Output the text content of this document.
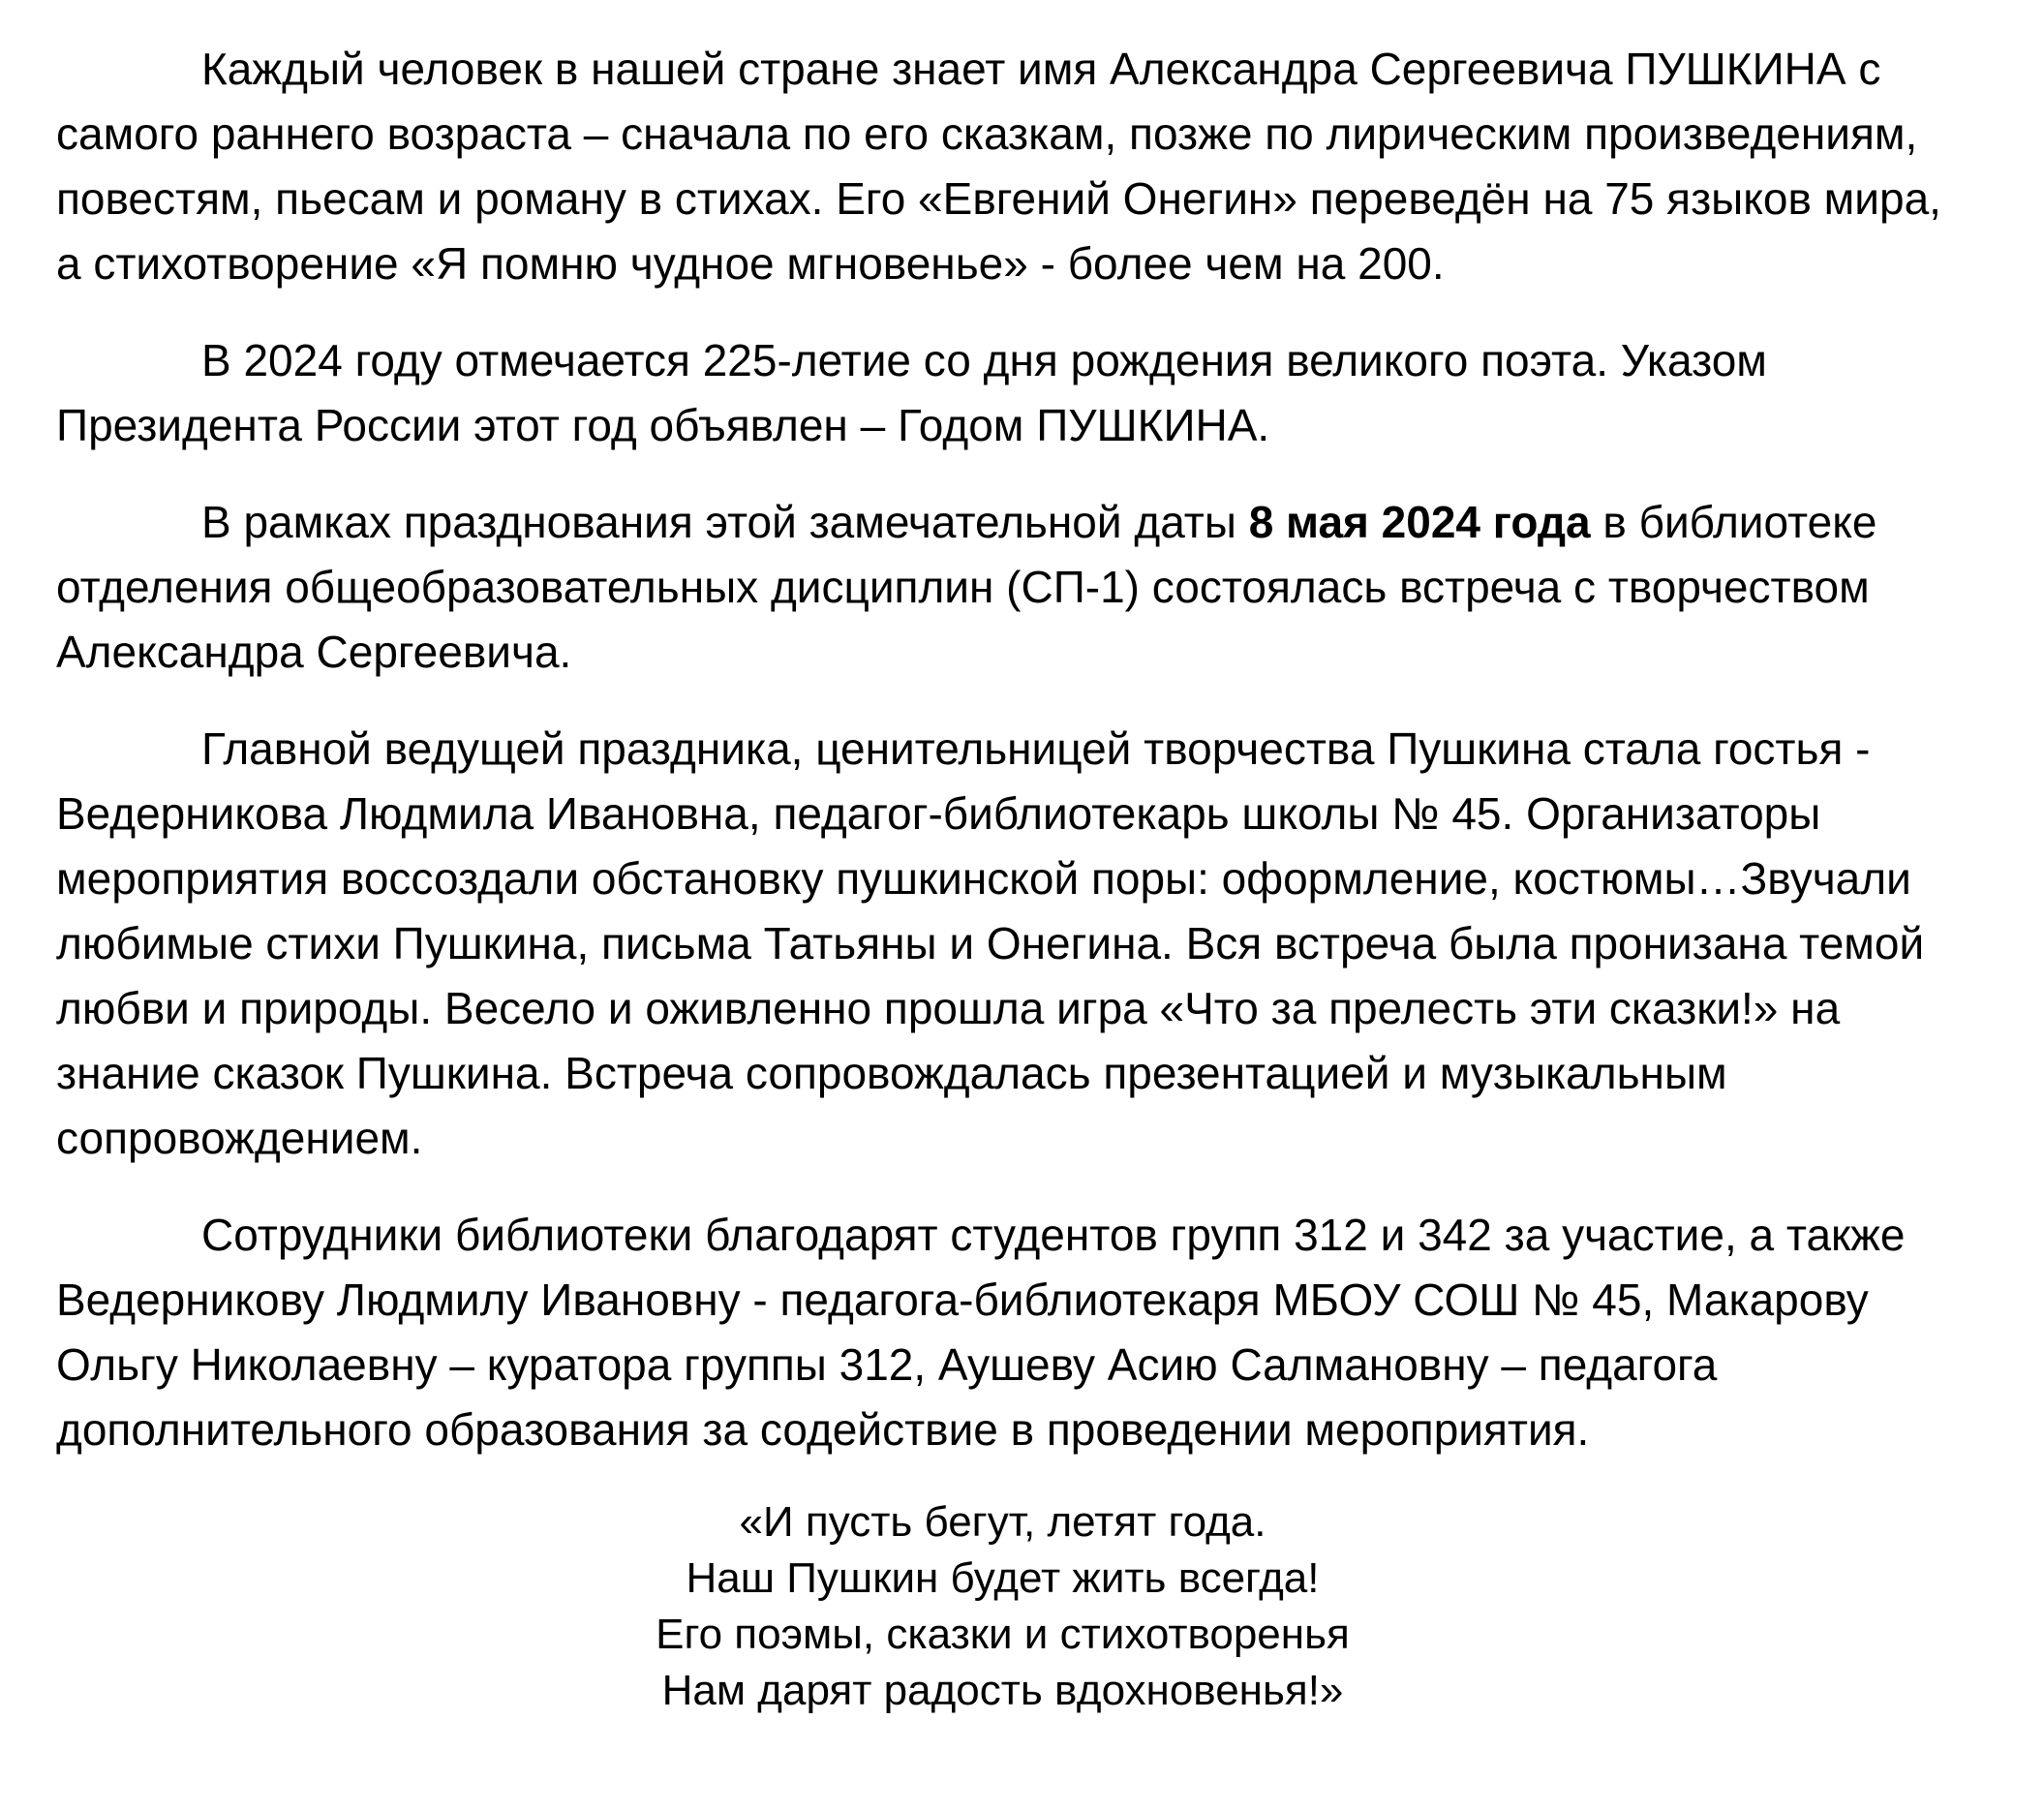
Каждый человек в нашей стране знает имя Александра Сергеевича ПУШКИНА с самого раннего возраста – сначала по его сказкам, позже по лирическим произведениям, повестям, пьесам и роману в стихах. Его «Евгений Онегин» переведён на 75 языков мира, а стихотворение «Я помню чудное мгновенье» - более чем на 200.

В 2024 году отмечается 225-летие со дня рождения великого поэта. Указом Президента России этот год объявлен – Годом ПУШКИНА.

В рамках празднования этой замечательной даты 8 мая 2024 года в библиотеке отделения общеобразовательных дисциплин (СП-1) состоялась встреча с творчеством Александра Сергеевича.

Главной ведущей праздника, ценительницей творчества Пушкина стала гостья - Ведерникова Людмила Ивановна, педагог-библиотекарь школы № 45. Организаторы мероприятия воссоздали обстановку пушкинской поры: оформление, костюмы…Звучали любимые стихи Пушкина, письма Татьяны и Онегина. Вся встреча была пронизана темой любви и природы. Весело и оживленно прошла игра «Что за прелесть эти сказки!» на знание сказок Пушкина. Встреча сопровождалась презентацией и музыкальным сопровождением.

Сотрудники библиотеки благодарят студентов групп 312 и 342 за участие, а также Ведерникову Людмилу Ивановну - педагога-библиотекаря МБОУ СОШ № 45, Макарову Ольгу Николаевну – куратора группы 312, Аушеву Асию Салмановну – педагога дополнительного образования за содействие в проведении мероприятия.

«И пусть бегут, летят года.
Наш Пушкин будет жить всегда!
Его поэмы, сказки и стихотворенья
Нам дарят радость вдохновенья!»
